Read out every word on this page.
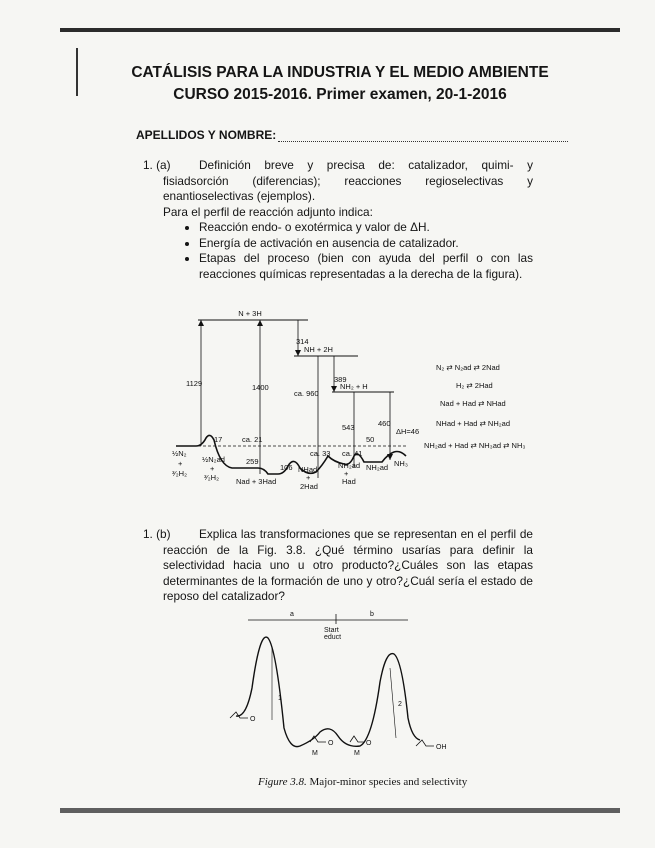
CATÁLISIS PARA LA INDUSTRIA Y EL MEDIO AMBIENTE
CURSO 2015-2016. Primer examen, 20-1-2016
APELLIDOS Y NOMBRE:
1. (a) Definición breve y precisa de: catalizador, quimi- y
fisiadsorción (diferencias); reacciones regioselectivas y
enantioselectivas (ejemplos).
Para el perfil de reacción adjunto indica:
• Reacción endo- o exotérmica y valor de ΔH.
• Energía de activación en ausencia de catalizador.
• Etapas del proceso (bien con ayuda del perfil o con las reacciones químicas representadas a la derecha de la figura).
N + 3H
1129	1400
314
NH + 2H
389
NH₂ + H
ca. 960
543	460
17	ca. 21
ΔH=46
50
259
106
ca. 33 ca. 41
½N₂
+
³⁄₂H₂
½N₂ad
+
³⁄₂H₂ Nad + 3Had
NHad
+
2Had
NH₂ad
+
Had
NH₂ad NH₃
N₂ ⇄ N₂ad ⇄ 2Nad
H₂ ⇄ 2Had
Nad + Had ⇄ NHad
NHad + Had ⇄ NH₂ad
NH₂ad + Had ⇄ NH₃ad ⇄ NH₃
1. (b)	Explica las transformaciones que se representan en el perfil de reacción de la Fig. 3.8. ¿Qué término usarías para definir la selectividad hacia uno u otro producto?¿Cuáles son las etapas determinantes de la formación de uno y otro?¿Cuál sería el estado de reposo del catalizador?
a	b
Start
educt
1
2
O
O
M
O
M
OH
Figure 3.8. Major-minor species and selectivity
